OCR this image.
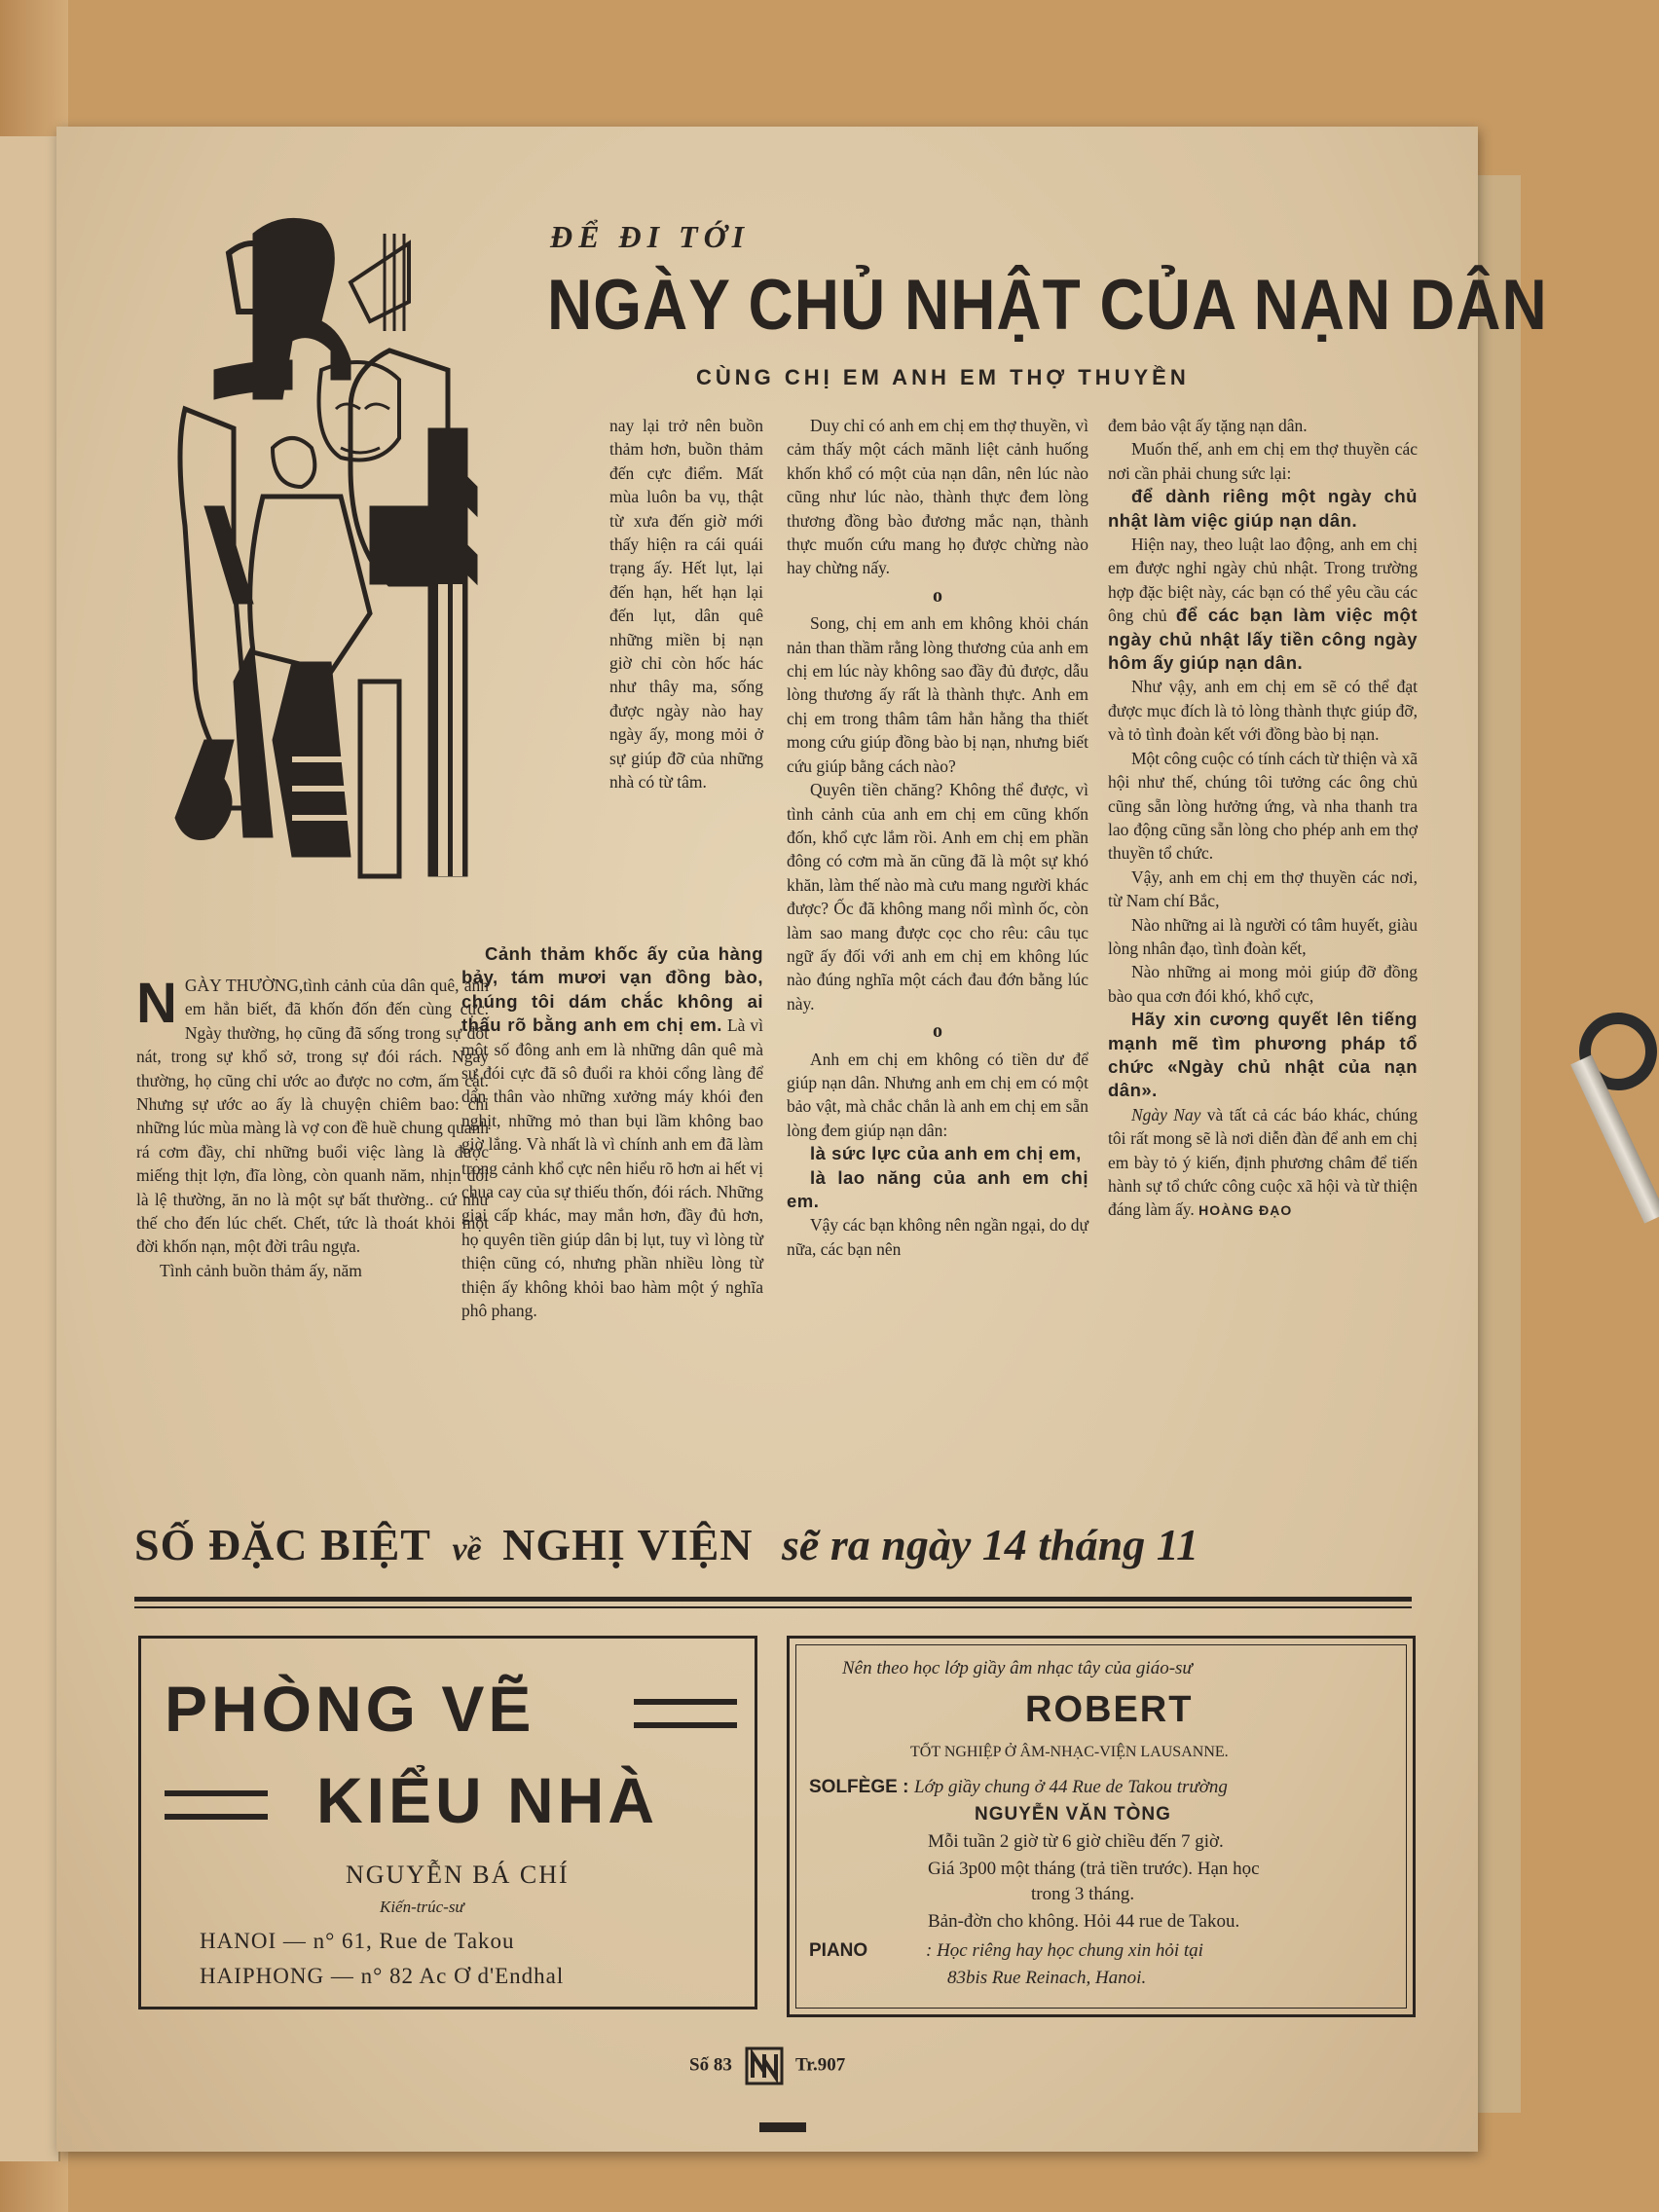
ĐỂ ĐI TỚI
NGÀY CHỦ NHẬT CỦA NẠN DÂN
CÙNG CHỊ EM ANH EM THỢ THUYỀN

NGÀY THƯỜNG,tình cảnh của dân quê, anh em hẳn biết, đã khốn đốn đến cùng cực. Ngày thường, họ cũng đã sống trong sự đốt nát, trong sự khổ sở, trong sự đói rách. Ngày thường, họ cũng chỉ ước ao được no cơm, ấm cật. Nhưng sự ước ao ấy là chuyện chiêm bao: chỉ những lúc mùa màng là vợ con đề huề chung quanh rá cơm đầy, chỉ những buổi việc làng là được miếng thịt lợn, đĩa lòng, còn quanh năm, nhịn đói là lệ thường, ăn no là một sự bất thường.. cứ như thế cho đến lúc chết. Chết, tức là thoát khỏi một đời khốn nạn, một đời trâu ngựa.

Tình cảnh buồn thảm ấy, năm

nay lại trở nên buồn thảm hơn, buồn thảm đến cực điểm. Mất mùa luôn ba vụ, thật từ xưa đến giờ mới thấy hiện ra cái quái trạng ấy. Hết lụt, lại đến hạn, hết hạn lại đến lụt, dân quê những miền bị nạn giờ chỉ còn hốc hác như thây ma, sống được ngày nào hay ngày ấy, mong mỏi ở sự giúp đỡ của những nhà có từ tâm.

Cảnh thảm khốc ấy của hàng bảy, tám mươi vạn đồng bào, chúng tôi dám chắc không ai thấu rõ bằng anh em chị em. Là vì một số đông anh em là những dân quê mà sự đói cực đã sô đuổi ra khỏi cổng làng để dấn thân vào những xưởng máy khói đen nghịt, những mỏ than bụi lầm không bao giờ lắng. Và nhất là vì chính anh em đã làm trong cảnh khổ cực nên hiểu rõ hơn ai hết vị chua cay của sự thiếu thốn, đói rách. Những giai cấp khác, may mắn hơn, đầy đủ hơn, họ quyên tiền giúp dân bị lụt, tuy vì lòng từ thiện cũng có, nhưng phần nhiều lòng từ thiện ấy không khỏi bao hàm một ý nghĩa phô phang.

Duy chỉ có anh em chị em thợ thuyền, vì cảm thấy một cách mãnh liệt cảnh huống khốn khổ có một của nạn dân, nên lúc nào cũng như lúc nào, thành thực đem lòng thương đồng bào đương mắc nạn, thành thực muốn cứu mang họ được chừng nào hay chừng nấy.

o

Song, chị em anh em không khỏi chán nản than thầm rằng lòng thương của anh em chị em lúc này không sao đầy đủ được, dẫu lòng thương ấy rất là thành thực. Anh em chị em trong thâm tâm hẳn hằng tha thiết mong cứu giúp đồng bào bị nạn, nhưng biết cứu giúp bằng cách nào?

Quyên tiền chăng? Không thể được, vì tình cảnh của anh em chị em cũng khốn đốn, khổ cực lắm rồi. Anh em chị em phần đông có cơm mà ăn cũng đã là một sự khó khăn, làm thế nào mà cưu mang người khác được? Ốc đã không mang nổi mình ốc, còn làm sao mang được cọc cho rêu: câu tục ngữ ấy đối với anh em chị em không lúc nào đúng nghĩa một cách đau đớn bằng lúc này.

o

Anh em chị em không có tiền dư để giúp nạn dân. Nhưng anh em chị em có một bảo vật, mà chắc chắn là anh em chị em sẵn lòng đem giúp nạn dân:

là sức lực của anh em chị em,

là lao năng của anh em chị em.

Vậy các bạn không nên ngần ngại, do dự nữa, các bạn nên

đem bảo vật ấy tặng nạn dân.

Muốn thế, anh em chị em thợ thuyền các nơi cần phải chung sức lại:

để dành riêng một ngày chủ nhật làm việc giúp nạn dân.

Hiện nay, theo luật lao động, anh em chị em được nghỉ ngày chủ nhật. Trong trường hợp đặc biệt này, các bạn có thể yêu cầu các ông chủ để các bạn làm việc một ngày chủ nhật lấy tiền công ngày hôm ấy giúp nạn dân.

Như vậy, anh em chị em sẽ có thể đạt được mục đích là tỏ lòng thành thực giúp đỡ, và tỏ tình đoàn kết với đồng bào bị nạn.

Một công cuộc có tính cách từ thiện và xã hội như thế, chúng tôi tưởng các ông chủ cũng sẵn lòng hưởng ứng, và nha thanh tra lao động cũng sẵn lòng cho phép anh em thợ thuyền tổ chức.

Vậy, anh em chị em thợ thuyền các nơi, từ Nam chí Bắc,

Nào những ai là người có tâm huyết, giàu lòng nhân đạo, tình đoàn kết,

Nào những ai mong mỏi giúp đỡ đồng bào qua cơn đói khó, khổ cực,

Hãy xin cương quyết lên tiếng mạnh mẽ tìm phương pháp tổ chức «Ngày chủ nhật của nạn dân».

Ngày Nay và tất cả các báo khác, chúng tôi rất mong sẽ là nơi diễn đàn để anh em chị em bày tỏ ý kiến, định phương châm để tiến hành sự tổ chức công cuộc xã hội và từ thiện đáng làm ấy. HOÀNG ĐẠO

SỐ ĐẶC BIỆT về NGHỊ VIỆN sẽ ra ngày 14 tháng 11
PHÒNG VẼ
KIỂU NHÀ
NGUYỄN BÁ CHÍ
Kiến-trúc-sư
HANOI — n° 61, Rue de Takou
HAIPHONG — n° 82 Ac Ơ d'Endhal
Nên theo học lớp giầy âm nhạc tây của giáo-sư
ROBERT
TỐT NGHIỆP Ở ÂM-NHẠC-VIỆN LAUSANNE.
SOLFÈGE : Lớp giầy chung ở 44 Rue de Takou trường
NGUYỄN VĂN TÒNG
Mỗi tuần 2 giờ từ 6 giờ chiều đến 7 giờ.
Giá 3p00 một tháng (trả tiền trước). Hạn học
trong 3 tháng.
Bản-đờn cho không. Hỏi 44 rue de Takou.
PIANO	: Học riêng hay học chung xin hỏi tại
83bis Rue Reinach, Hanoi.
Số 83	Tr.907
